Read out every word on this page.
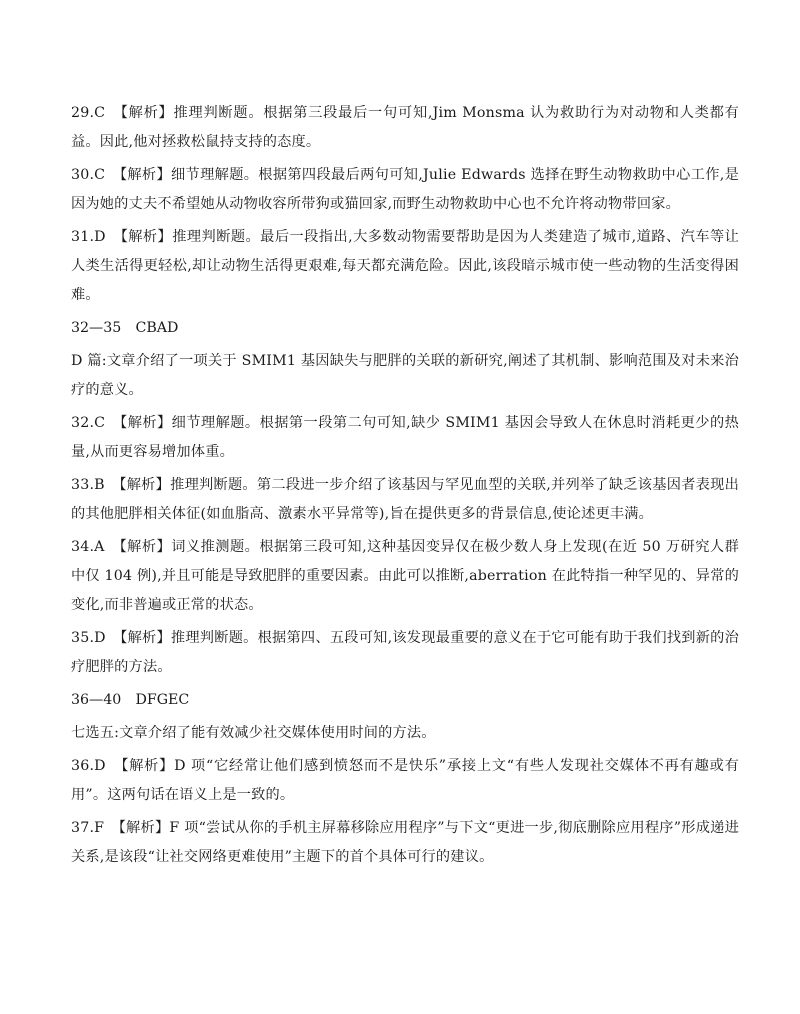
29.C　【解析】推理判断题。根据第三段最后一句可知,Jim Monsma 认为救助行为对动物和人类都有益。因此,他对拯救松鼠持支持的态度。

30.C　【解析】细节理解题。根据第四段最后两句可知,Julie Edwards 选择在野生动物救助中心工作,是因为她的丈夫不希望她从动物收容所带狗或猫回家,而野生动物救助中心也不允许将动物带回家。

31.D　【解析】推理判断题。最后一段指出,大多数动物需要帮助是因为人类建造了城市,道路、汽车等让人类生活得更轻松,却让动物生活得更艰难,每天都充满危险。因此,该段暗示城市使一些动物的生活变得困难。

32—35　CBAD

D 篇:文章介绍了一项关于 SMIM1 基因缺失与肥胖的关联的新研究,阐述了其机制、影响范围及对未来治疗的意义。

32.C　【解析】细节理解题。根据第一段第二句可知,缺少 SMIM1 基因会导致人在休息时消耗更少的热量,从而更容易增加体重。

33.B　【解析】推理判断题。第二段进一步介绍了该基因与罕见血型的关联,并列举了缺乏该基因者表现出的其他肥胖相关体征(如血脂高、激素水平异常等),旨在提供更多的背景信息,使论述更丰满。

34.A　【解析】词义推测题。根据第三段可知,这种基因变异仅在极少数人身上发现(在近 50 万研究人群中仅 104 例),并且可能是导致肥胖的重要因素。由此可以推断,aberration 在此特指一种罕见的、异常的变化,而非普遍或正常的状态。

35.D　【解析】推理判断题。根据第四、五段可知,该发现最重要的意义在于它可能有助于我们找到新的治疗肥胖的方法。

36—40　DFGEC

七选五:文章介绍了能有效减少社交媒体使用时间的方法。

36.D　【解析】D 项“它经常让他们感到愤怒而不是快乐”承接上文“有些人发现社交媒体不再有趣或有用”。这两句话在语义上是一致的。

37.F　【解析】F 项“尝试从你的手机主屏幕移除应用程序”与下文“更进一步,彻底删除应用程序”形成递进关系,是该段“让社交网络更难使用”主题下的首个具体可行的建议。
